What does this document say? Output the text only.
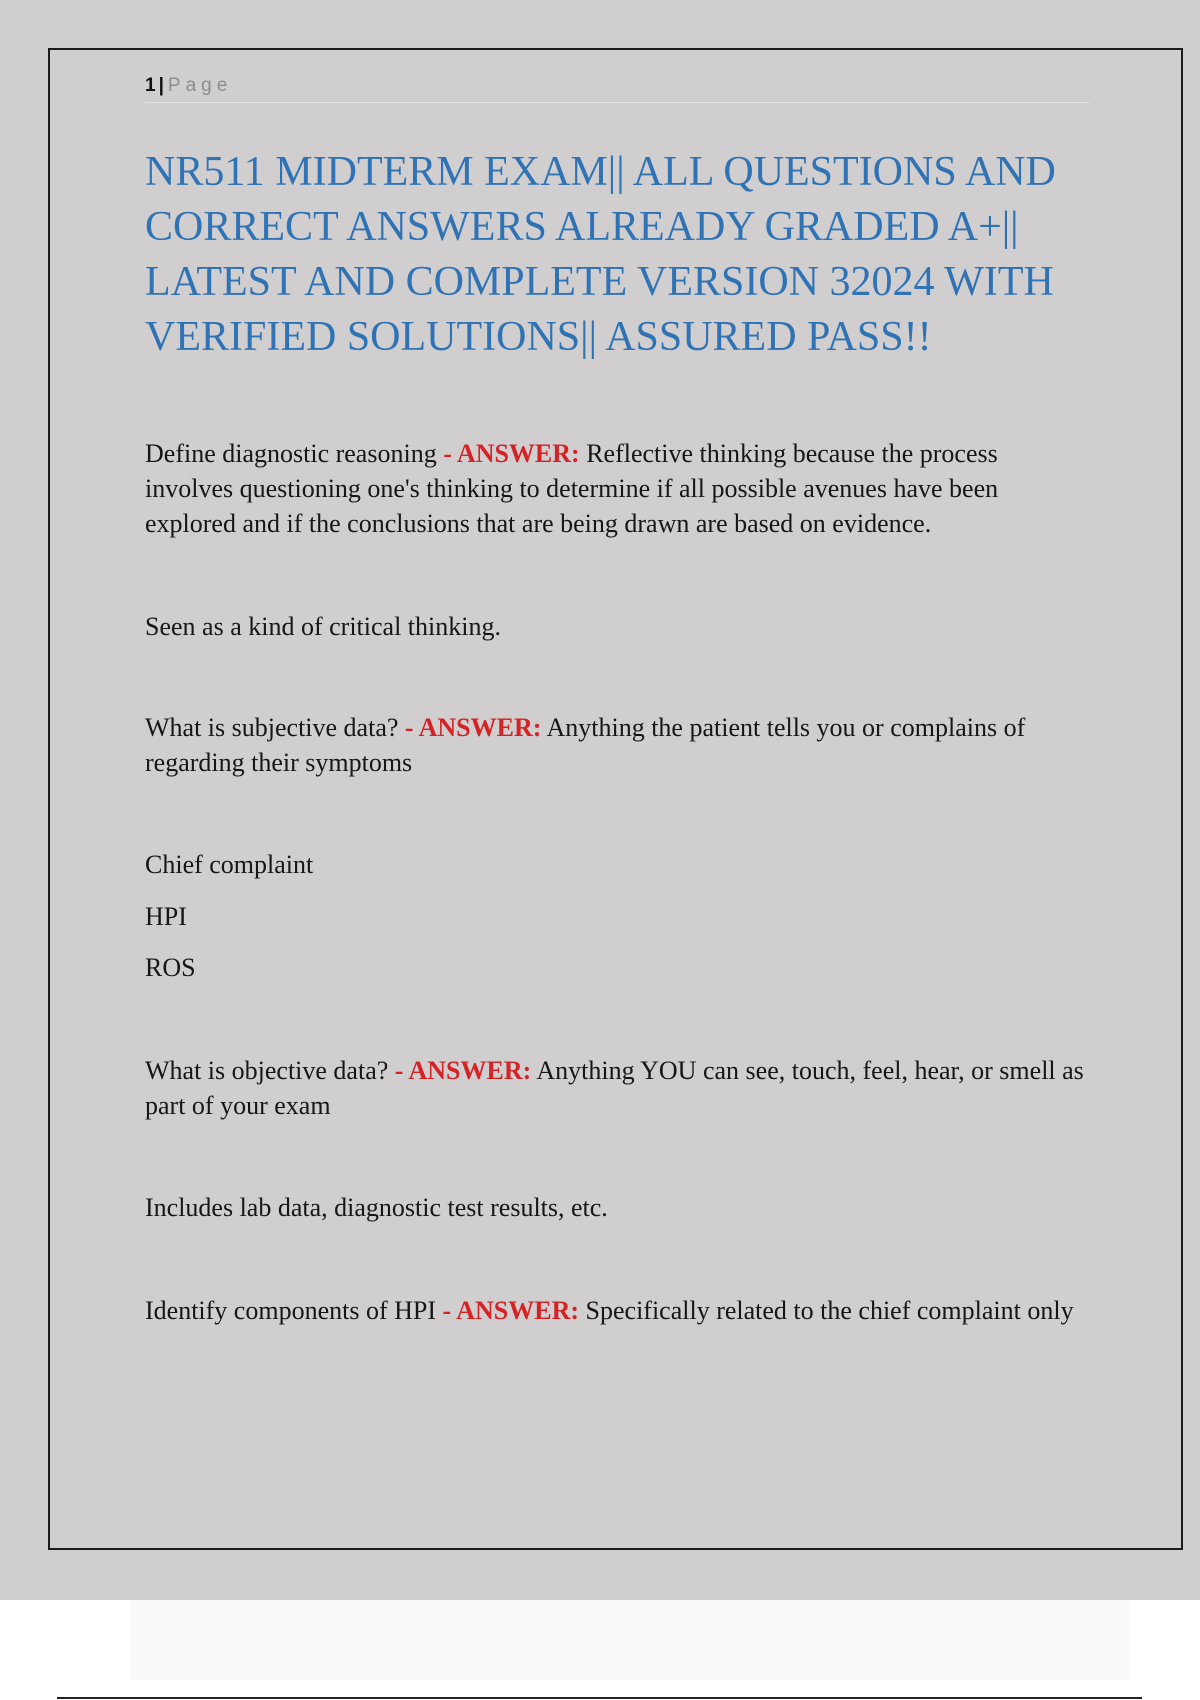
1 | Page
NR511 MIDTERM EXAM|| ALL QUESTIONS AND CORRECT ANSWERS ALREADY GRADED A+|| LATEST AND COMPLETE VERSION 32024 WITH VERIFIED SOLUTIONS|| ASSURED PASS!!

Define diagnostic reasoning - ANSWER: Reflective thinking because the process involves questioning one's thinking to determine if all possible avenues have been explored and if the conclusions that are being drawn are based on evidence.

Seen as a kind of critical thinking.

What is subjective data? - ANSWER: Anything the patient tells you or complains of regarding their symptoms

Chief complaint

HPI

ROS

What is objective data? - ANSWER: Anything YOU can see, touch, feel, hear, or smell as part of your exam

Includes lab data, diagnostic test results, etc.

Identify components of HPI - ANSWER: Specifically related to the chief complaint only
